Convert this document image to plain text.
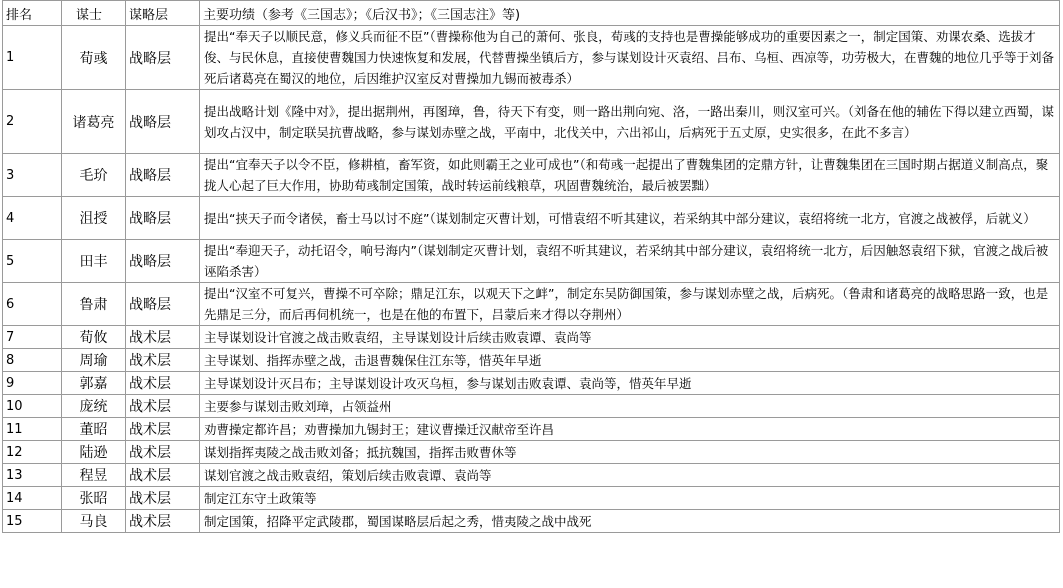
排名	谋士	谋略层	主要功绩（参考《三国志》；《后汉书》；《三国志注》等)
1	荀彧	战略层	提出“奉天子以顺民意，修义兵而征不臣”（曹操称他为自己的萧何、张良，荀彧的支持也是曹操能够成功的重要因素之一，制定国策、劝课农桑、选拔才俊、与民休息，直接使曹魏国力快速恢复和发展，代替曹操坐镇后方，参与谋划设计灭袁绍、吕布、乌桓、西凉等，功劳极大，在曹魏的地位几乎等于刘备死后诸葛亮在蜀汉的地位，后因维护汉室反对曹操加九锡而被毒杀）
2	诸葛亮	战略层	提出战略计划《隆中对》，提出据荆州，再图璋，鲁，待天下有变，则一路出荆向宛、洛，一路出秦川，则汉室可兴。（刘备在他的辅佐下得以建立西蜀，谋划攻占汉中，制定联吴抗曹战略，参与谋划赤壁之战，平南中，北伐关中，六出祁山，后病死于五丈原，史实很多，在此不多言）
3	毛玠	战略层	提出“宜奉天子以令不臣，修耕植，畜军资，如此则霸王之业可成也”（和荀彧一起提出了曹魏集团的定鼎方针，让曹魏集团在三国时期占据道义制高点，聚拢人心起了巨大作用，协助荀彧制定国策，战时转运前线粮草，巩固曹魏统治，最后被罢黜）
4	沮授	战略层	提出“挟天子而令诸侯，畜士马以讨不庭”（谋划制定灭曹计划，可惜袁绍不听其建议，若采纳其中部分建议，袁绍将统一北方，官渡之战被俘，后就义）
5	田丰	战略层	提出“奉迎天子，动托诏令，响号海内”（谋划制定灭曹计划，袁绍不听其建议，若采纳其中部分建议，袁绍将统一北方，后因触怒袁绍下狱，官渡之战后被诬陷杀害）
6	鲁肃	战略层	提出“汉室不可复兴，曹操不可卒除；鼎足江东，以观天下之衅”，制定东吴防御国策，参与谋划赤壁之战，后病死。（鲁肃和诸葛亮的战略思路一致，也是先鼎足三分，而后再伺机统一，也是在他的布置下，吕蒙后来才得以夺荆州）
7	荀攸	战术层	主导谋划设计官渡之战击败袁绍，主导谋划设计后续击败袁谭、袁尚等
8	周瑜	战术层	主导谋划、指挥赤壁之战，击退曹魏保住江东等，惜英年早逝
9	郭嘉	战术层	主导谋划设计灭吕布；主导谋划设计攻灭乌桓，参与谋划击败袁谭、袁尚等，惜英年早逝
10	庞统	战术层	主要参与谋划击败刘璋，占领益州
11	董昭	战术层	劝曹操定都许昌；劝曹操加九锡封王；建议曹操迁汉献帝至许昌
12	陆逊	战术层	谋划指挥夷陵之战击败刘备；抵抗魏国，指挥击败曹休等
13	程昱	战术层	谋划官渡之战击败袁绍，策划后续击败袁谭、袁尚等
14	张昭	战术层	制定江东守土政策等
15	马良	战术层	制定国策，招降平定武陵郡，蜀国谋略层后起之秀，惜夷陵之战中战死
